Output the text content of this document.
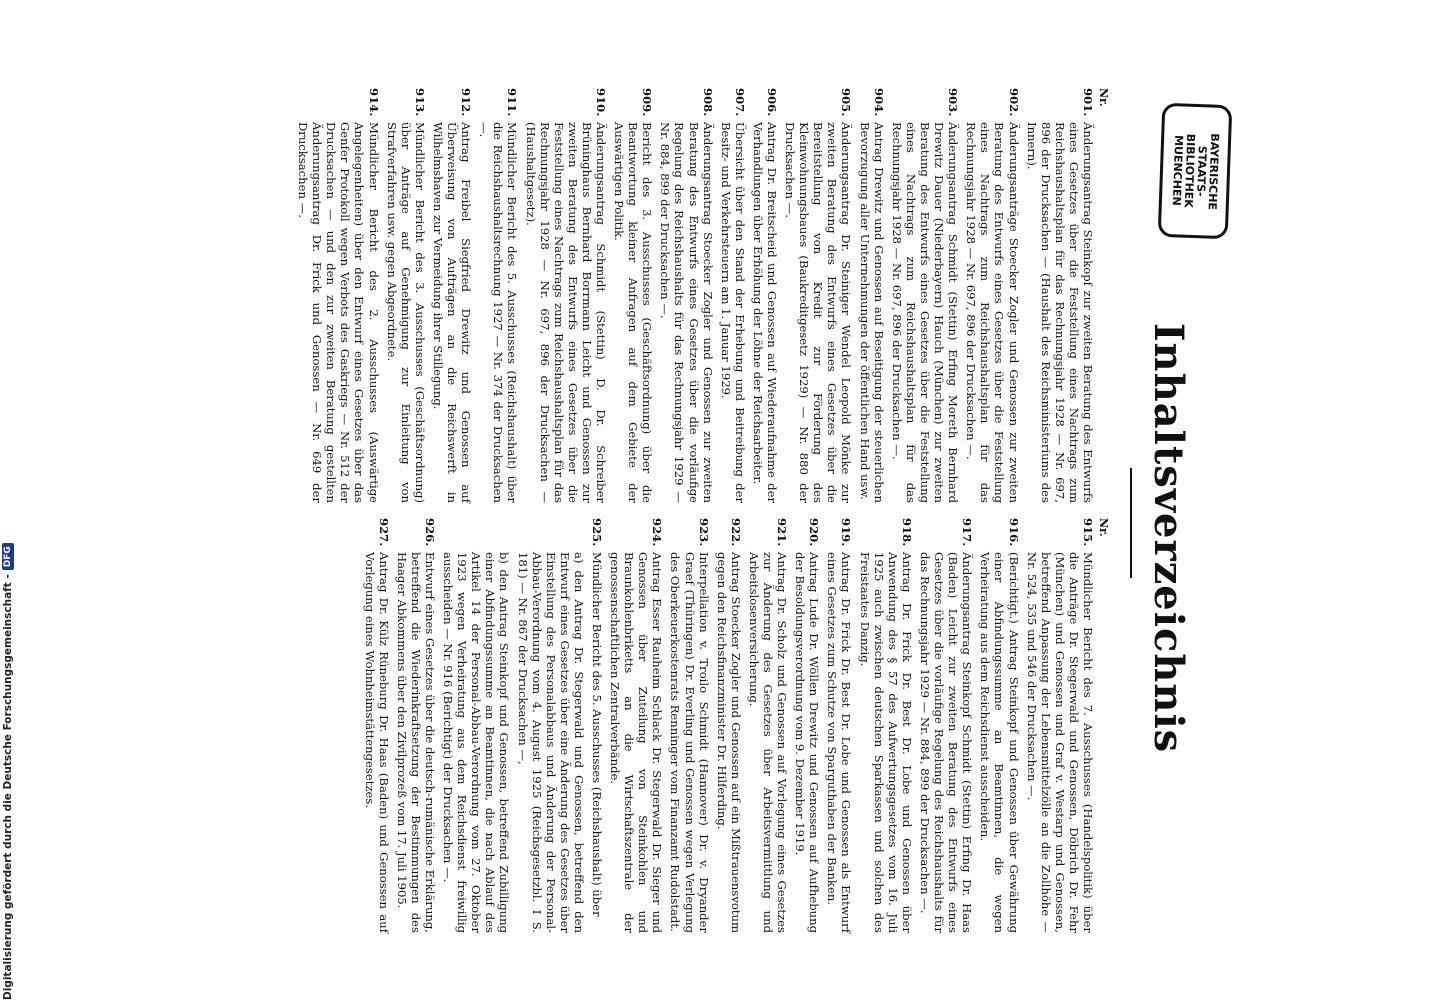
Digitalisierung gefördert durch die Deutsche Forschungsgemeinschaft -
DFG
BAYERISCHE
STAATS-
BIBLIOTHEK
MUENCHEN
Inhaltsverzeichnis
Nr.
901.
Änderungsantrag Steinkopf zur zweiten Beratung des Entwurfs eines Gesetzes über die Feststellung eines Nachtrags zum Reichshaushaltsplan für das Rechnungsjahr 1928 — Nr. 697, 896 der Drucksachen — (Haushalt des Reichsministeriums des Innern).
902.
Änderungsanträge Stoecker Zogler und Genossen zur zweiten Beratung des Entwurfs eines Gesetzes über die Feststellung eines Nachtrags zum Reichshaushaltsplan für das Rechnungsjahr 1928 — Nr. 697, 896 der Drucksachen —.
903.
Änderungsantrag Schmidt (Stettin) Erfing Moreth Bernhard Drewitz Dauer (Niederbayern) Hauch (München) zur zweiten Beratung des Entwurfs eines Gesetzes über die Feststellung eines Nachtrags zum Reichshaushaltsplan für das Rechnungsjahr 1928 — Nr. 697, 896 der Drucksachen —.
904.
Antrag Drewitz und Genossen auf Beseitigung der steuerlichen Bevorzugung aller Unternehmungen der öffentlichen Hand usw.
905.
Änderungsantrag Dr. Steiniger Wendel Leopold Mönke zur zweiten Beratung des Entwurfs eines Gesetzes über die Bereitstellung von Kredit zur Förderung des Kleinwohnungsbaues (Baukreditgesetz 1929) — Nr. 880 der Drucksachen —.
906.
Antrag Dr. Breitscheid und Genossen auf Wiederaufnahme der Verhandlungen über Erhöhung der Löhne der Reichsarbeiter.
907.
Übersicht über den Stand der Erhebung und Beitreibung der Besitz- und Verkehrsteuern am 1. Januar 1929.
908.
Änderungsantrag Stoecker Zogler und Genossen zur zweiten Beratung des Entwurfs eines Gesetzes über die vorläufige Regelung des Reichshaushalts für das Rechnungsjahr 1929 — Nr. 884, 899 der Drucksachen —.
909.
Bericht des 3. Ausschusses (Geschäftsordnung) über die Beantwortung kleiner Anfragen auf dem Gebiete der Auswärtigen Politik.
910.
Änderungsantrag Schmidt (Stettin) D. Dr. Schreiber Brüninghaus Bernhard Borrmann Leicht und Genossen zur zweiten Beratung des Entwurfs eines Gesetzes über die Feststellung eines Nachtrags zum Reichshaushaltsplan für das Rechnungsjahr 1928 — Nr. 697, 896 der Drucksachen — (Haushaltgesetz).
911.
Mündlicher Bericht des 5. Ausschusses (Reichshaushalt) über die Reichshaushaltsrechnung 1927 — Nr. 374 der Drucksachen —.
912.
Antrag Freibel Siegfried Drewitz und Genossen auf Überweisung von Aufträgen an die Reichswerft in Wilhelmshaven zur Vermeidung ihrer Stillegung.
913.
Mündlicher Bericht des 3. Ausschusses (Geschäftsordnung) über Anträge auf Genehmigung zur Einleitung von Strafverfahren usw. gegen Abgeordnete.
914.
Mündlicher Bericht des 2. Ausschusses (Auswärtige Angelegenheiten) über den Entwurf eines Gesetzes über das Genfer Protokoll wegen Verbots des Gaskriegs — Nr. 512 der Drucksachen — und den zur zweiten Beratung gestellten Änderungsantrag Dr. Frick und Genossen — Nr. 649 der Drucksachen —.
Nr.
915.
Mündlicher Bericht des 7. Ausschusses (Handelspolitik) über die Anträge Dr. Stegerwald und Genossen, Döbrich Dr. Fehr (München) und Genossen und Graf v. Westarp und Genossen, betreffend Anpassung der Lebensmittelzölle an die Zollhöhe — Nr. 524, 535 und 546 der Drucksachen —.
916.
(Berichtigt.) Antrag Steinkopf und Genossen über Gewährung einer Abfindungssumme an Beamtinnen, die wegen Verheiratung aus dem Reichsdienst ausscheiden.
917.
Änderungsantrag Steinkopf Schmidt (Stettin) Erfing Dr. Haas (Baden) Leicht zur zweiten Beratung des Entwurfs eines Gesetzes über die vorläufige Regelung des Reichshaushalts für das Rechnungsjahr 1929 — Nr. 884, 899 der Drucksachen —.
918.
Antrag Dr. Frick Dr. Best Dr. Lobe und Genossen über Anwendung des § 57 des Aufwertungsgesetzes vom 16. Juli 1925 auch zwischen deutschen Sparkassen und solchen des Freistaates Danzig.
919.
Antrag Dr. Frick Dr. Best Dr. Lobe und Genossen als Entwurf eines Gesetzes zum Schutze von Sparguthaben der Banken.
920.
Antrag Lude Dr. Wöllen Drewitz und Genossen auf Aufhebung der Besoldungsverordnung vom 9. Dezember 1919.
921.
Antrag Dr. Scholz und Genossen auf Vorlegung eines Gesetzes zur Änderung des Gesetzes über Arbeitsvermittlung und Arbeitslosenversicherung.
922.
Antrag Stoecker Zogler und Genossen auf ein Mißtrauensvotum gegen den Reichsfinanzminister Dr. Hilferding.
923.
Interpellation v. Troilo Schmidt (Hannover) Dr. v. Dryander Graef (Thüringen) Dr. Everling und Genossen wegen Verlegung des Oberkeuerkostenrats Renninger vom Finanzamt Rudolstadt.
924.
Antrag Esser Rauheim Schlack Dr. Stegerwald Dr. Sieger und Genossen über Zuteilung von Steinkohlen und Braunkohlenbriketts an die Wirtschaftszentrale der genossenschaftlichen Zentralverbände.
925.
Mündlicher Bericht des 5. Ausschusses (Reichshaushalt) über
a) den Antrag Dr. Stegerwald und Genossen, betreffend den Entwurf eines Gesetzes über eine Änderung des Gesetzes über Einstellung des Personalabbaus und Änderung der Personal-Abbau-Verordnung vom 4. August 1925 (Reichsgesetzbl. I S. 181) — Nr. 867 der Drucksachen —,
b) den Antrag Steinkopf und Genossen, betreffend Zubilligung einer Abfindungssumme an Beamtinnen, die nach Ablauf des Artikel 14 der Personal-Abbau-Verordnung vom 27. Oktober 1923 wegen Verheiratung aus dem Reichsdienst freiwillig ausscheiden — Nr. 916 (Berichtigt) der Drucksachen —.
926.
Entwurf eines Gesetzes über die deutsch-rumänische Erklärung, betreffend die Wiederinkraftsetzung der Bestimmungen des Haager Abkommens über den Zivilprozeß vom 17. Juli 1905.
927.
Antrag Dr. Külz Rüneburg Dr. Haas (Baden) und Genossen auf Vorlegung eines Wohnheimstättengesetzes.
